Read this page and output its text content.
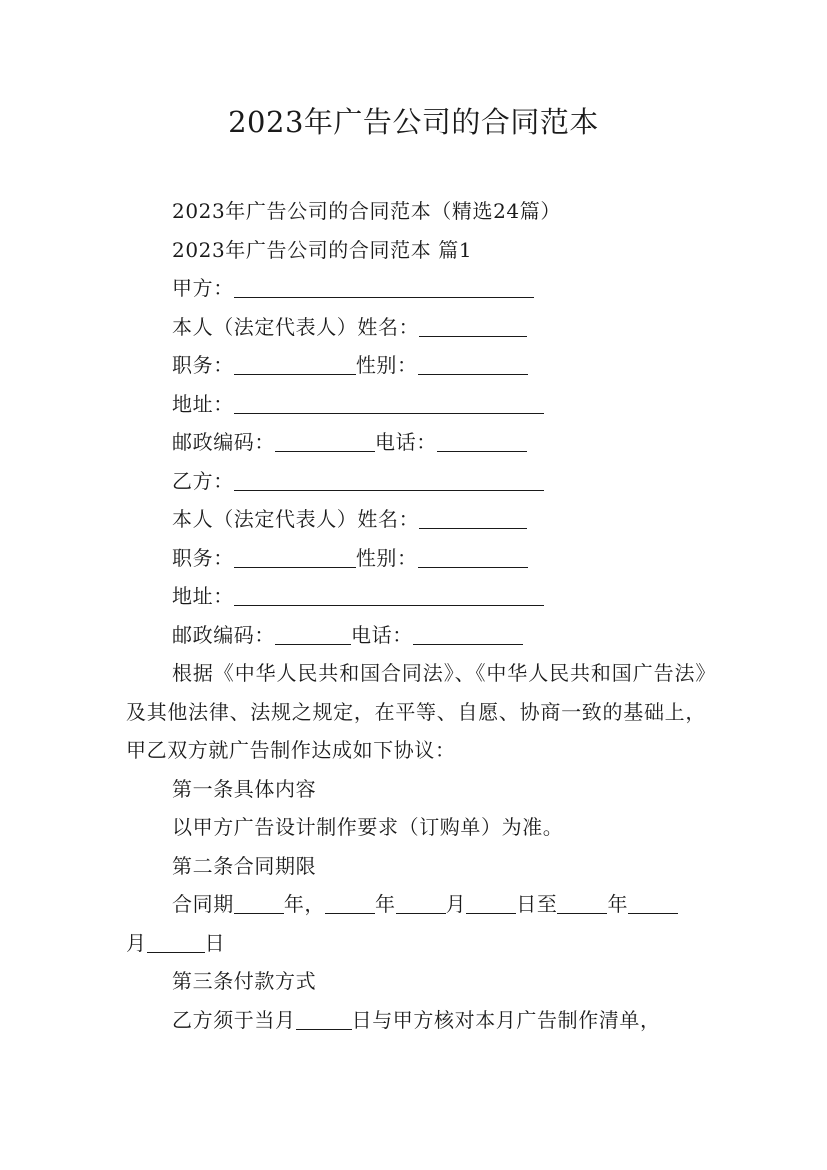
2023年广告公司的合同范本
2023年广告公司的合同范本（精选24篇）
2023年广告公司的合同范本 篇1
甲方：
本人（法定代表人）姓名：
职务：	性别：
地址：
邮政编码：	电话：
乙方：
本人（法定代表人）姓名：
职务：	性别：
地址：
邮政编码：	电话：
根据《中华人民共和国合同法》、《中华人民共和国广告法》及其他法律、法规之规定，在平等、自愿、协商一致的基础上，甲乙双方就广告制作达成如下协议：
第一条具体内容
以甲方广告设计制作要求（订购单）为准。
第二条合同期限
合同期	年，	年	月	日至	年
月	日
第三条付款方式
乙方须于当月	日与甲方核对本月广告制作清单，
